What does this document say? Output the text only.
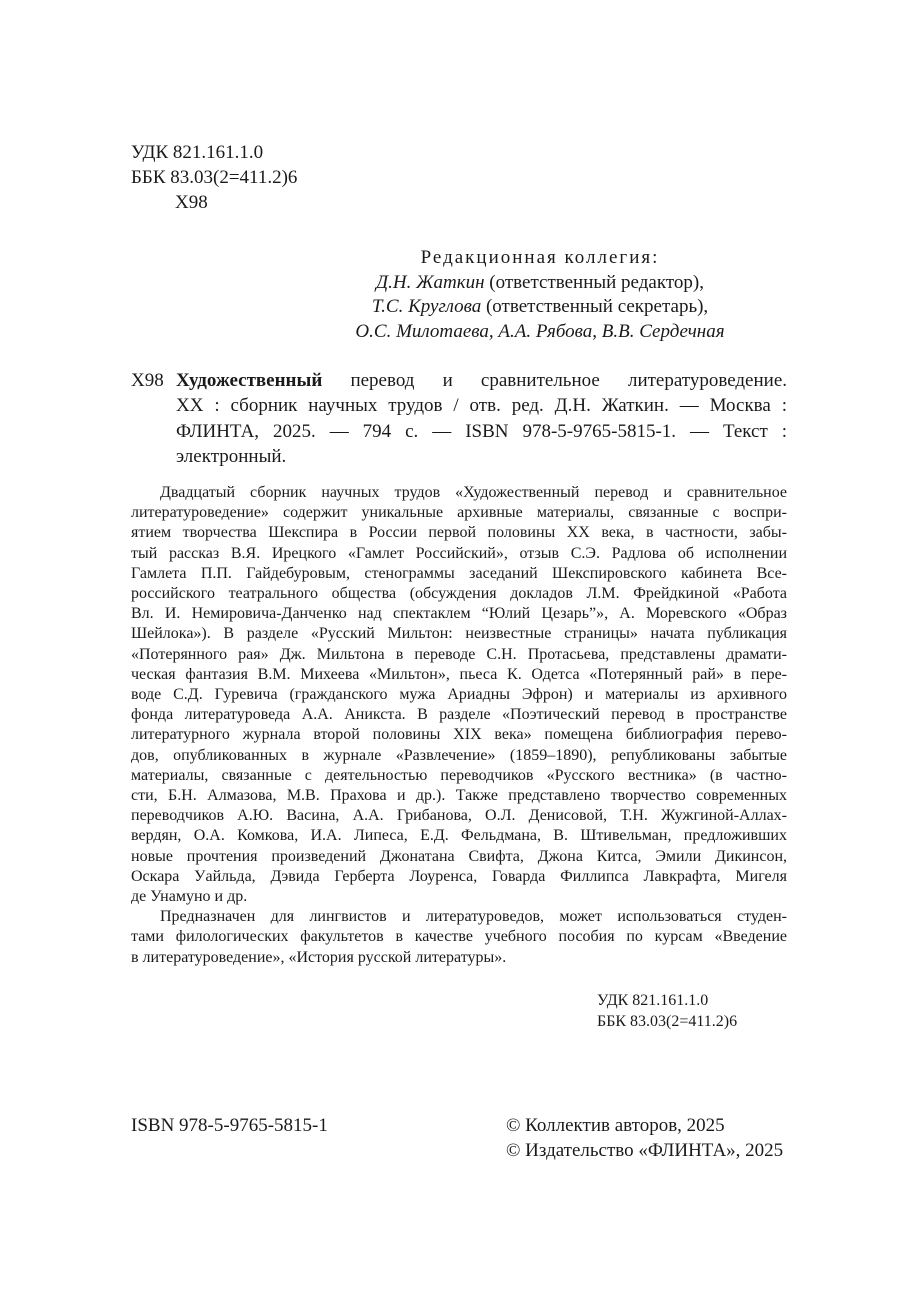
УДК 821.161.1.0
ББК 83.03(2=411.2)6
Х98
Редакционная коллегия:
Д.Н. Жаткин (ответственный редактор),
Т.С. Круглова (ответственный секретарь),
О.С. Милотаева, А.А. Рябова, В.В. Сердечная
Х98 Художественный перевод и сравнительное литературоведение.
XX : сборник научных трудов / отв. ред. Д.Н. Жаткин. — Москва :
ФЛИНТА, 2025. — 794 с. — ISBN 978-5-9765-5815-1. — Текст :
электронный.
Двадцатый сборник научных трудов «Художественный перевод и сравнительное
литературоведение» содержит уникальные архивные материалы, связанные с воспри-
ятием творчества Шекспира в России первой половины XX века, в частности, забы-
тый рассказ В.Я. Ирецкого «Гамлет Российский», отзыв С.Э. Радлова об исполнении
Гамлета П.П. Гайдебуровым, стенограммы заседаний Шекспировского кабинета Все-
российского театрального общества (обсуждения докладов Л.М. Фрейдкиной «Работа
Вл. И. Немировича-Данченко над спектаклем “Юлий Цезарь”», А. Моревского «Образ
Шейлока»). В разделе «Русский Мильтон: неизвестные страницы» начата публикация
«Потерянного рая» Дж. Мильтона в переводе С.Н. Протасьева, представлены драмати-
ческая фантазия В.М. Михеева «Мильтон», пьеса К. Одетса «Потерянный рай» в пере-
воде С.Д. Гуревича (гражданского мужа Ариадны Эфрон) и материалы из архивного
фонда литературоведа А.А. Аникста. В разделе «Поэтический перевод в пространстве
литературного журнала второй половины XIX века» помещена библиография перево-
дов, опубликованных в журнале «Развлечение» (1859–1890), републикованы забытые
материалы, связанные с деятельностью переводчиков «Русского вестника» (в частно-
сти, Б.Н. Алмазова, М.В. Прахова и др.). Также представлено творчество современных
переводчиков А.Ю. Васина, А.А. Грибанова, О.Л. Денисовой, Т.Н. Жужгиной-Аллах-
вердян, О.А. Комкова, И.А. Липеса, Е.Д. Фельдмана, В. Штивельман, предложивших
новые прочтения произведений Джонатана Свифта, Джона Китса, Эмили Дикинсон,
Оскара Уайльда, Дэвида Герберта Лоуренса, Говарда Филлипса Лавкрафта, Мигеля
де Унамуно и др.
Предназначен для лингвистов и литературоведов, может использоваться студен-
тами филологических факультетов в качестве учебного пособия по курсам «Введение
в литературоведение», «История русской литературы».
УДК 821.161.1.0
ББК 83.03(2=411.2)6
ISBN 978-5-9765-5815-1	© Коллектив авторов, 2025
© Издательство «ФЛИНТА», 2025
